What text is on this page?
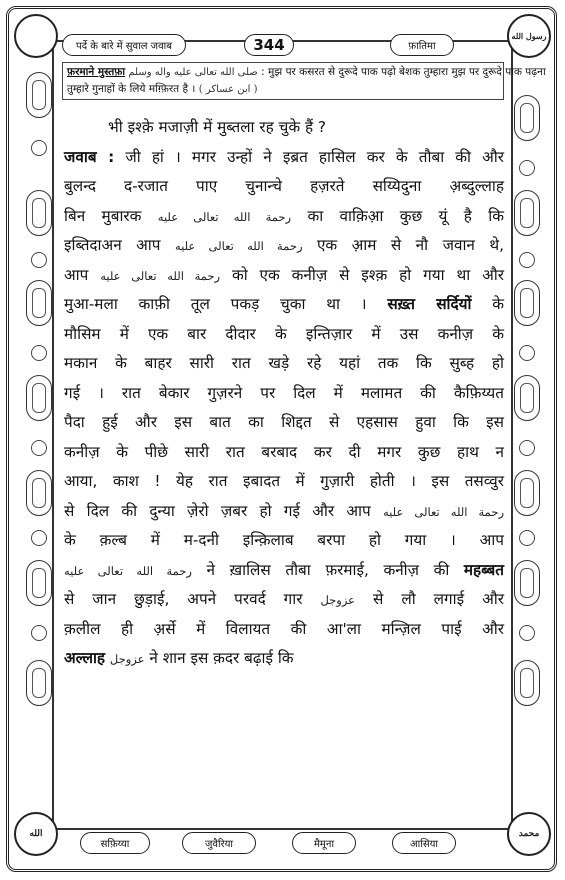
رسول الله
الله	محمد
पर्दे के बारे में सुवाल जवाब	344	फ़ातिमा
फ़रमाने मुस्तफ़ा صلى الله تعالى عليه واله وسلم : मुझ पर कसरत से दुरूदे पाक पढ़ो बेशक तुम्हारा मुझ पर दुरूदे पाक पढ़ना
तुम्हारे गुनाहों के लिये मग़्फ़िरत है । ( ابن عساکر )
भी इश्क़े मजाज़ी में मुब्तला रह चुके हैं ?
जवाब : जी हां । मगर उन्हों ने इब्रत हासिल कर के तौबा की और
बुलन्द द-रजात पाए चुनान्चे हज़रते सय्यिदुना अ़ब्दुल्लाह
बिन मुबारक رحمة الله تعالى عليه का वाक़िआ़ कुछ यूं है कि
इब्तिदाअन आप رحمة الله تعالى عليه एक आ़म से नौ जवान थे,
आप رحمة الله تعالى عليه को एक कनीज़ से इश्क़ हो गया था और
मुआ-मला काफ़ी तूल पकड़ चुका था । सख़्त सर्दियों के
मौसिम में एक बार दीदार के इन्तिज़ार में उस कनीज़ के
मकान के बाहर सारी रात खड़े रहे यहां तक कि सुब्ह हो
गई । रात बेकार गुज़रने पर दिल में मलामत की कैफ़िय्यत
पैदा हुई और इस बात का शिद्दत से एहसास हुवा कि इस
कनीज़ के पीछे सारी रात बरबाद कर दी मगर कुछ हाथ न
आया, काश ! येह रात इबादत में गुज़ारी होती । इस तसव्वुर
से दिल की दुन्या ज़ेरो ज़बर हो गई और आप رحمة الله تعالى عليه
के क़ल्ब में म-दनी इन्क़िलाब बरपा हो गया । आप
رحمة الله تعالى عليه ने ख़ालिस तौबा फ़रमाई, कनीज़ की महब्बत
से जान छुड़ाई, अपने परवर्द गार عزوجل से लौ लगाई और
क़लील ही अ़र्से में विलायत की आ'ला मन्ज़िल पाई और
अल्लाह عزوجل ने शान इस क़दर बढ़ाई कि
सफ़िय्या	जुवैरिया	मैमूना	आसिया
